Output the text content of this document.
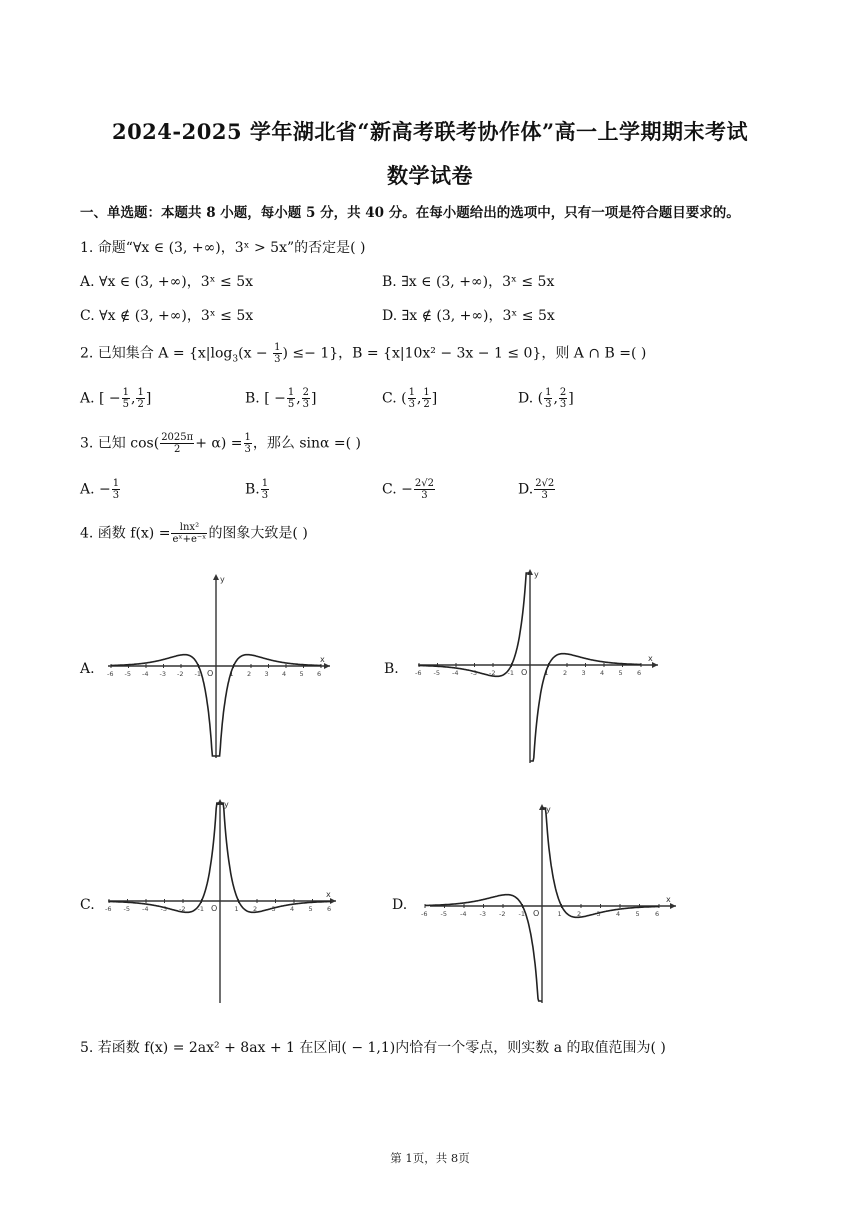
2024-2025 学年湖北省“新高考联考协作体”高一上学期期末考试
数学试卷
一、单选题：本题共 8 小题，每小题 5 分，共 40 分。在每小题给出的选项中，只有一项是符合题目要求的。
1. 命题“∀x ∈ (3, +∞)，3ˣ > 5x”的否定是( )
A. ∀x ∈ (3, +∞)，3ˣ ≤ 5x	B. ∃x ∈ (3, +∞)，3ˣ ≤ 5x
C. ∀x ∉ (3, +∞)，3ˣ ≤ 5x	D. ∃x ∉ (3, +∞)，3ˣ ≤ 5x
2. 已知集合 $A = \{x|\log_3(x - \frac{1}{3}$ ) ≤− 1}，B = {x|10x² − 3x − 1 ≤ 0}，则 A ∩ B =( )
A. [ − $\frac{1}{5}$ , $\frac{1}{2}$ ]	B. [ − $\frac{1}{5}$ , $\frac{2}{3}$ ]	C. ( $\frac{1}{3}$ , $\frac{1}{2}$ ]	D. ( $\frac{1}{3}$ , $\frac{2}{3}$ ]
3. 已知 $\cos( \frac{2025\pi}{2} + \alpha) = \frac{1}{3}$ ，那么 sinα =( )
A. − $\frac{1}{3}$	B. $\frac{1}{3}$	C. − $\frac{2√2}{3}$	D. $\frac{2√2}{3}$
4. 函数 $f(x) = \frac{\text{lnx²}}{\text{eˣ+e⁻ˣ}}$ 的图象大致是( )
A.	B.
C.	D.
y
x
O
-6 -5 -4 -3 -2 -1	1 2 3 4 5 6
y
x
O
-6 -5 -4 -3 -2 -1	1 2 3 4 5 6
y
x
O
-6 -5 -4 -3 -2 -1	1 2 3 4 5 6
y
x
O
-6 -5 -4 -3 -2 -1	1 2 3 4 5 6
5. 若函数 f(x) = 2ax² + 8ax + 1 在区间( − 1,1)内恰有一个零点，则实数 a 的取值范围为( )
第 1页，共 8页
